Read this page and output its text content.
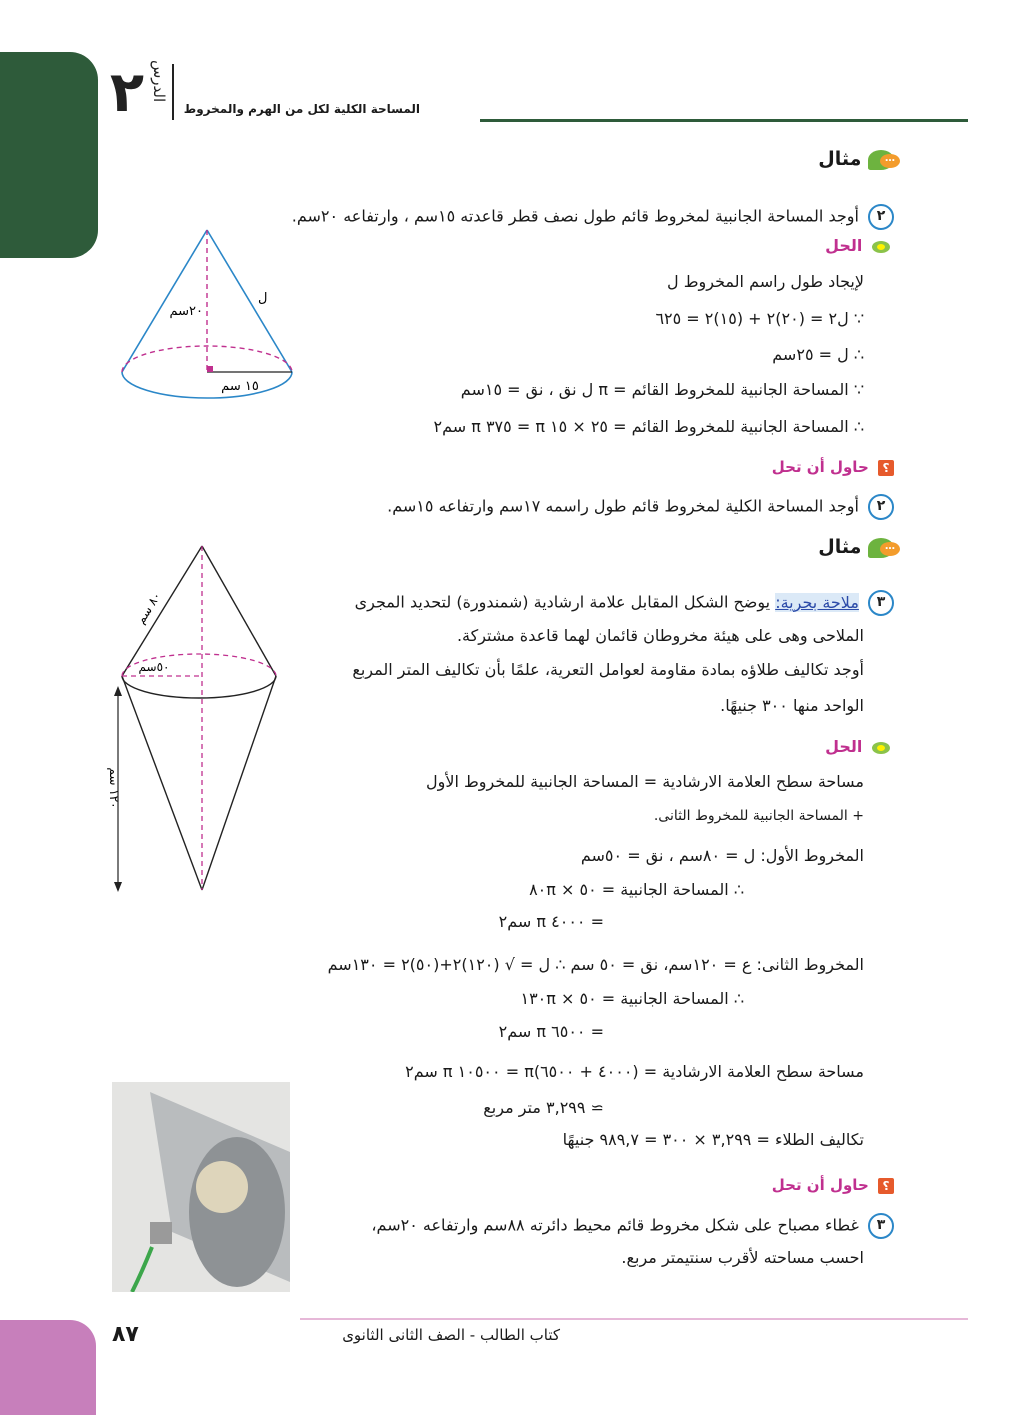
٢ الدرس
المساحة الكلية لكل من الهرم والمخروط
… مثال
٢ أوجد المساحة الجانبية لمخروط قائم طول نصف قطر قاعدته ١٥سم ، وارتفاعه ٢٠سم.
الحل
لإيجاد طول راسم المخروط ل
∵ ل٢ = (٢٠)٢ + (١٥)٢ = ٦٢٥
∴ ل = ٢٥سم
∵ المساحة الجانبية للمخروط القائم = π ل نق ، نق = ١٥سم
∴ المساحة الجانبية للمخروط القائم = ٢٥ × ١٥ π = ٣٧٥ π سم٢
٢٠سم
ل
١٥ سم
؟ حاول أن تحل
٢ أوجد المساحة الكلية لمخروط قائم طول راسمه ١٧سم وارتفاعه ١٥سم.
… مثال
٣ ملاحة بحرية: يوضح الشكل المقابل علامة ارشادية (شمندورة) لتحديد المجرى
الملاحى وهى على هيئة مخروطان قائمان لهما قاعدة مشتركة.
أوجد تكاليف طلاؤه بمادة مقاومة لعوامل التعرية، علمًا بأن تكاليف المتر المربع
الواحد منها ٣٠٠ جنيهًا.
الحل
مساحة سطح العلامة الارشادية = المساحة الجانبية للمخروط الأول
+ المساحة الجانبية للمخروط الثانى.
المخروط الأول: ل = ٨٠سم ، نق = ٥٠سم
∴ المساحة الجانبية = ٥٠ × ٨٠π
= ٤٠٠٠ π سم٢
المخروط الثانى: ع = ١٢٠سم، نق = ٥٠ سم ∴ ل = √ (١٢٠)٢+(٥٠)٢ = ١٣٠سم
∴ المساحة الجانبية = ٥٠ × ١٣٠π
= ٦٥٠٠ π سم٢
مساحة سطح العلامة الارشادية = (٤٠٠٠ + ٦٥٠٠)π = ١٠٥٠٠ π سم٢
≃ ٣,٢٩٩ متر مربع
تكاليف الطلاء = ٣,٢٩٩ × ٣٠٠ = ٩٨٩,٧ جنيهًا
٨٠ سم
٥٠سم
١٢٠ سم
؟ حاول أن تحل
٣ غطاء مصباح على شكل مخروط قائم محيط دائرته ٨٨سم وارتفاعه ٢٠سم،
احسب مساحته لأقرب سنتيمتر مربع.
٨٧	كتاب الطالب - الصف الثانى الثانوى
